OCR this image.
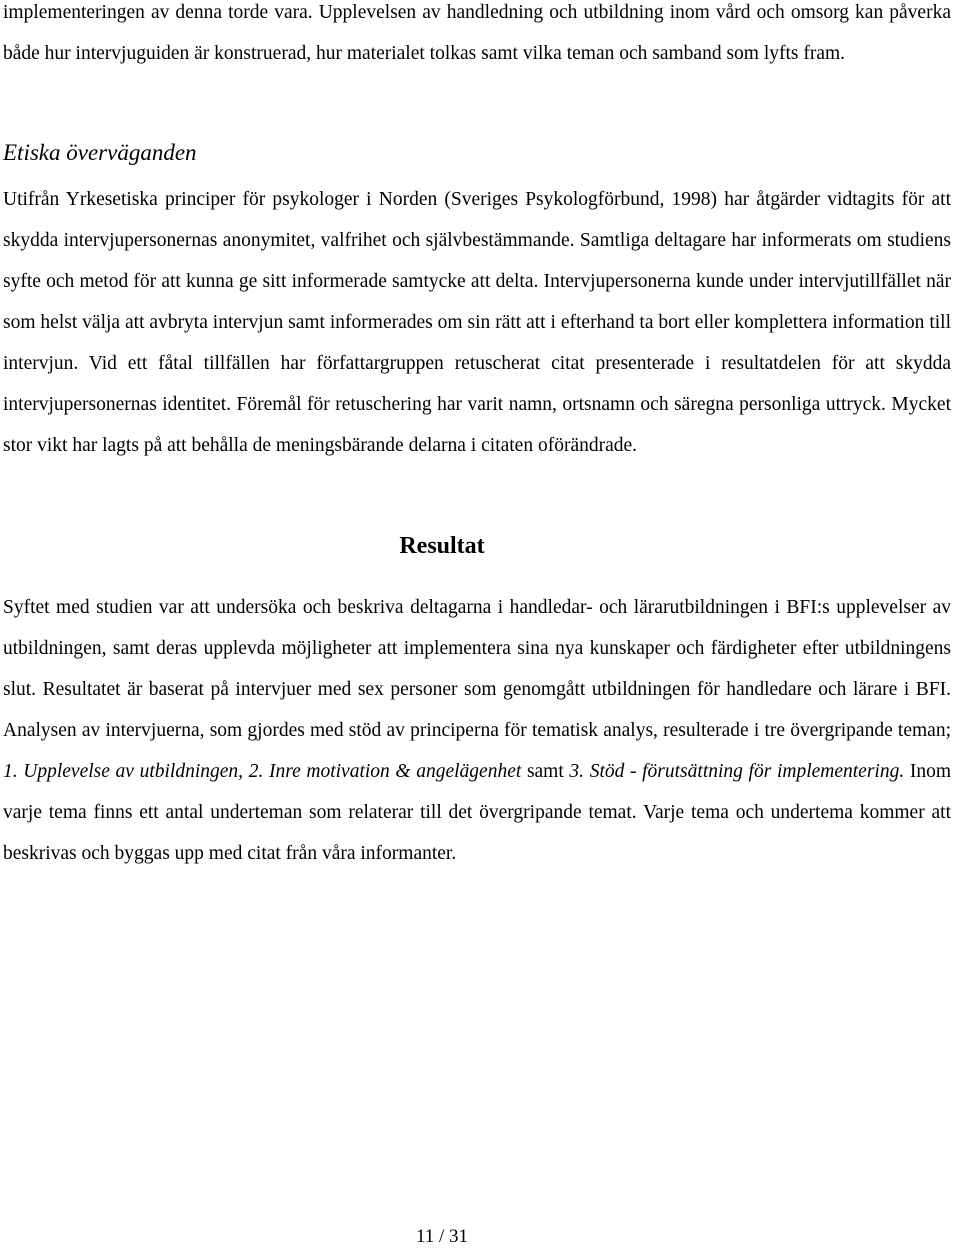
implementeringen av denna torde vara. Upplevelsen av handledning och utbildning inom vård och omsorg kan påverka både hur intervjuguiden är konstruerad, hur materialet tolkas samt vilka teman och samband som lyfts fram.

Etiska överväganden

Utifrån Yrkesetiska principer för psykologer i Norden (Sveriges Psykologförbund, 1998) har åtgärder vidtagits för att skydda intervjupersonernas anonymitet, valfrihet och självbestämmande. Samtliga deltagare har informerats om studiens syfte och metod för att kunna ge sitt informerade samtycke att delta. Intervjupersonerna kunde under intervjutillfället när som helst välja att avbryta intervjun samt informerades om sin rätt att i efterhand ta bort eller komplettera information till intervjun. Vid ett fåtal tillfällen har författargruppen retuscherat citat presenterade i resultatdelen för att skydda intervjupersonernas identitet. Föremål för retuschering har varit namn, ortsnamn och säregna personliga uttryck. Mycket stor vikt har lagts på att behålla de meningsbärande delarna i citaten oförändrade.

Resultat

Syftet med studien var att undersöka och beskriva deltagarna i handledar- och lärarutbildningen i BFI:s upplevelser av utbildningen, samt deras upplevda möjligheter att implementera sina nya kunskaper och färdigheter efter utbildningens slut. Resultatet är baserat på intervjuer med sex personer som genomgått utbildningen för handledare och lärare i BFI. Analysen av intervjuerna, som gjordes med stöd av principerna för tematisk analys, resulterade i tre övergripande teman; 1. Upplevelse av utbildningen, 2. Inre motivation & angelägenhet samt 3. Stöd - förutsättning för implementering. Inom varje tema finns ett antal underteman som relaterar till det övergripande temat. Varje tema och undertema kommer att beskrivas och byggas upp med citat från våra informanter.

11 / 31
